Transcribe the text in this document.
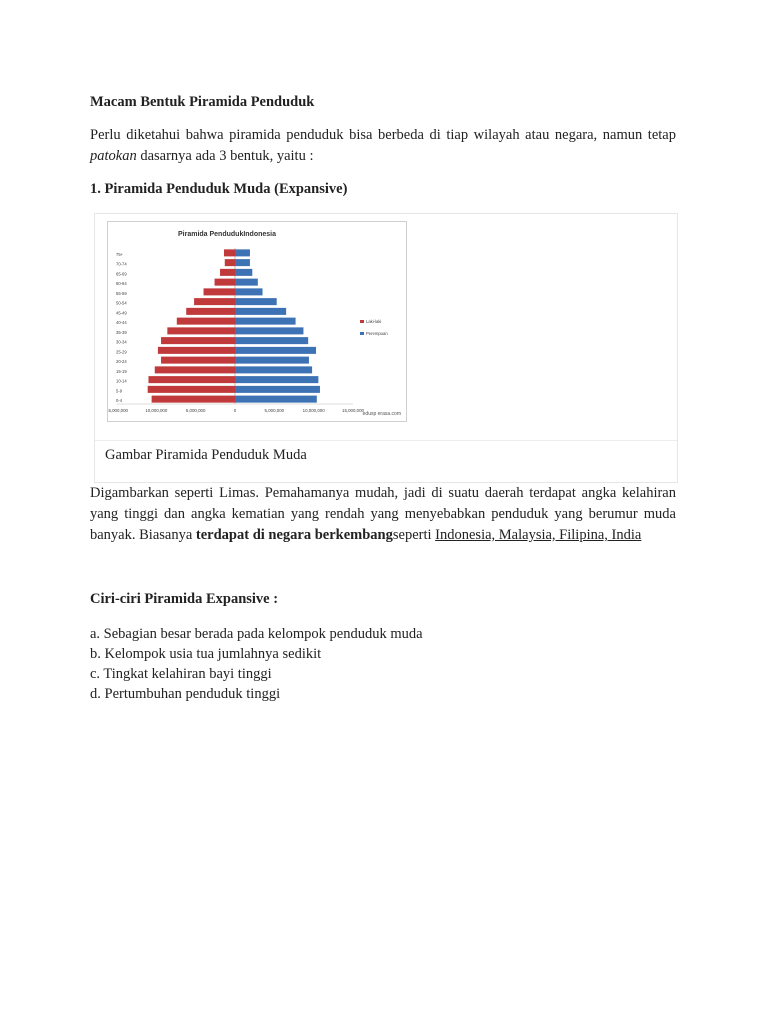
Macam Bentuk Piramida Penduduk
Perlu diketahui bahwa piramida penduduk bisa berbeda di tiap wilayah atau negara, namun tetap patokan dasarnya ada 3 bentuk, yaitu :
1. Piramida Penduduk Muda (Expansive)
Piramida PendudukIndonesia
0-4
5-9
10-14
15-19
20-24
25-29
30-34
35-39
40-44
45-49
50-54
55-59
60-64
65-69
70-74
75+
15,000,000	10,000,000	5,000,000	0	5,000,000	10,000,000	15,000,000
Laki-laki
Perempuan
edusp erasa.com
Gambar Piramida Penduduk Muda
Digambarkan seperti Limas. Pemahamanya mudah, jadi di suatu daerah terdapat angka kelahiran yang tinggi dan angka kematian yang rendah yang menyebabkan penduduk yang berumur muda banyak. Biasanya terdapat di negara berkembangseperti Indonesia, Malaysia, Filipina, India
Ciri-ciri Piramida Expansive :
a. Sebagian besar berada pada kelompok penduduk muda
b. Kelompok usia tua jumlahnya sedikit
c. Tingkat kelahiran bayi tinggi
d. Pertumbuhan penduduk tinggi
